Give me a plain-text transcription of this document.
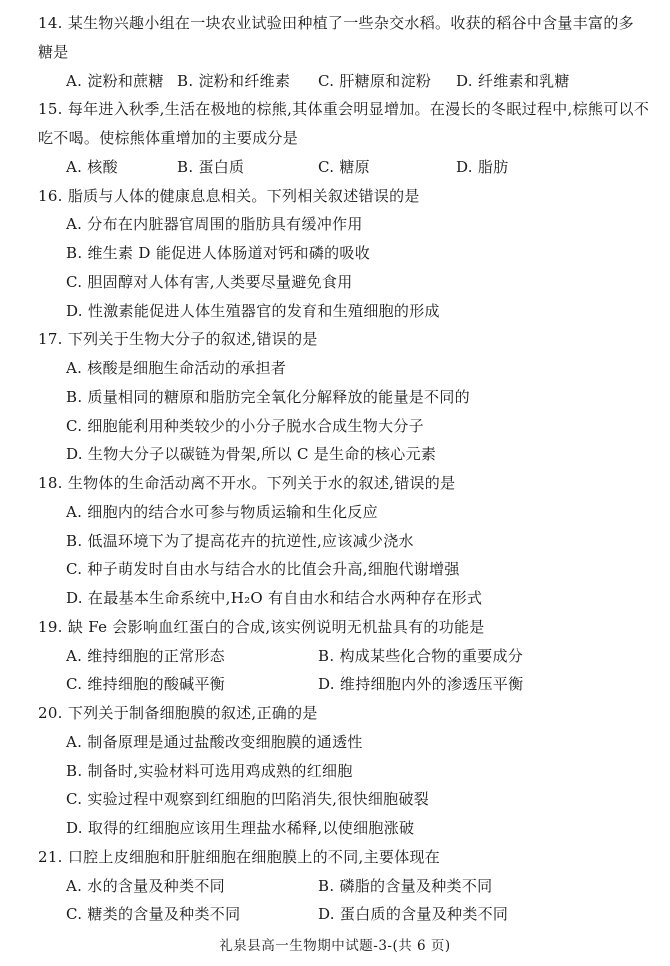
14. 某生物兴趣小组在一块农业试验田种植了一些杂交水稻。收获的稻谷中含量丰富的多
糖是
A. 淀粉和蔗糖 B. 淀粉和纤维素 C. 肝糖原和淀粉 D. 纤维素和乳糖
15. 每年进入秋季,生活在极地的棕熊,其体重会明显增加。在漫长的冬眠过程中,棕熊可以不
吃不喝。使棕熊体重增加的主要成分是
A. 核酸	B. 蛋白质	C. 糖原	D. 脂肪
16. 脂质与人体的健康息息相关。下列相关叙述错误的是
A. 分布在内脏器官周围的脂肪具有缓冲作用
B. 维生素 D 能促进人体肠道对钙和磷的吸收
C. 胆固醇对人体有害,人类要尽量避免食用
D. 性激素能促进人体生殖器官的发育和生殖细胞的形成
17. 下列关于生物大分子的叙述,错误的是
A. 核酸是细胞生命活动的承担者
B. 质量相同的糖原和脂肪完全氧化分解释放的能量是不同的
C. 细胞能利用种类较少的小分子脱水合成生物大分子
D. 生物大分子以碳链为骨架,所以 C 是生命的核心元素
18. 生物体的生命活动离不开水。下列关于水的叙述,错误的是
A. 细胞内的结合水可参与物质运输和生化反应
B. 低温环境下为了提高花卉的抗逆性,应该减少浇水
C. 种子萌发时自由水与结合水的比值会升高,细胞代谢增强
D. 在最基本生命系统中,H₂O 有自由水和结合水两种存在形式
19. 缺 Fe 会影响血红蛋白的合成,该实例说明无机盐具有的功能是
A. 维持细胞的正常形态	B. 构成某些化合物的重要成分
C. 维持细胞的酸碱平衡	D. 维持细胞内外的渗透压平衡
20. 下列关于制备细胞膜的叙述,正确的是
A. 制备原理是通过盐酸改变细胞膜的通透性
B. 制备时,实验材料可选用鸡成熟的红细胞
C. 实验过程中观察到红细胞的凹陷消失,很快细胞破裂
D. 取得的红细胞应该用生理盐水稀释,以使细胞涨破
21. 口腔上皮细胞和肝脏细胞在细胞膜上的不同,主要体现在
A. 水的含量及种类不同	B. 磷脂的含量及种类不同
C. 糖类的含量及种类不同	D. 蛋白质的含量及种类不同
礼泉县高一生物期中试题-3-(共 6 页)
